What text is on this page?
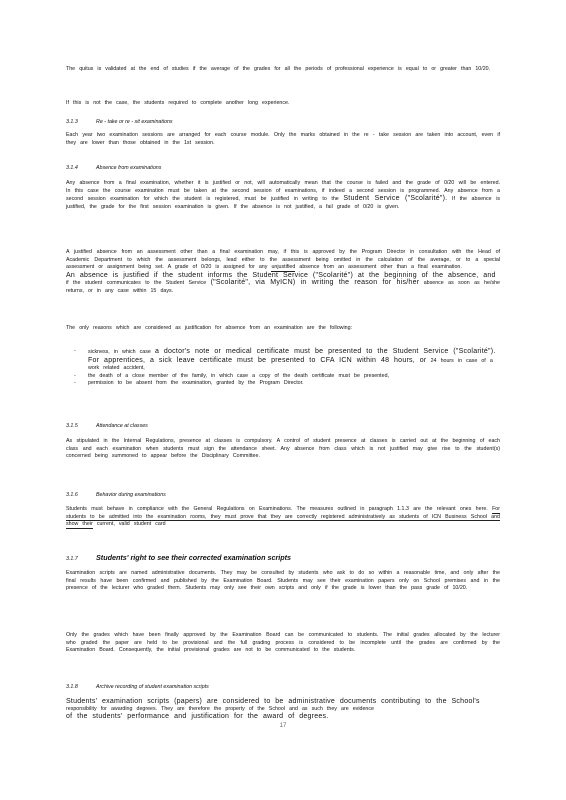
The quitus is validated at the end of studies if the average of the grades for all the periods of professional experience is equal to or greater than 10/20.

If this is not the case, the students required to complete another long experience.

3.1.3	Re - take or re - sit examinations

Each year two examination sessions are arranged for each course module. Only the marks obtained in the re - take session are taken into account, even if they are lower than those obtained in the 1st session.

3.1.4	Absence from examinations

Any absence from a final examination, whether it is justified or not, will automatically mean that the course is failed and the grade of 0/20 will be entered. In this case the course examination must be taken at the second session of examinations, if indeed a second session is programmed. Any absence from a second session examination for which the student is registered, must be justified in writing to the Student Service ("Scolarité"). If the absence is justified, the grade for the first session examination is given. If the absence is not justified, a fail grade of 0/20 is given.

A justified absence from an assessment other than a final examination may, if this is approved by the Program Director in consultation with the Head of Academic Department to which the assessment belongs, lead either to the assessment being omitted in the calculation of the average, or to a special assessment or assignment being set. A grade of 0/20 is assigned for any unjustified absence from an assessment other than a final examination.

An absence is justified if the student informs the Student Service ("Scolarité") at the beginning of the absence, and

if the student communicates to the Student Service ("Scolarité", via MyICN) in writing the reason for his/her absence as soon as he/she returns, or in any case within 15 days.

The only reasons which are considered as justification for absence from an examination are the following:

- sickness, in which case a doctor's note or medical certificate must be presented to the Student Service ("Scolarité"). For apprentices, a sick leave certificate must be presented to CFA ICN within 48 hours, or 24 hours in case of a work related accident,
- the death of a close member of the family, in which case a copy of the death certificate must be presented,
- permission to be absent from the examination, granted by the Program Director.
3.1.5	Attendance at classes

As stipulated in the Internal Regulations, presence at classes is compulsory. A control of student presence at classes is carried out at the beginning of each class and each examination when students must sign the attendance sheet. Any absence from class which is not justified may give rise to the student(s) concerned being summoned to appear before the Disciplinary Committee.

3.1.6	Behavior during examinations

Students must behave in compliance with the General Regulations on Examinations. The measures outlined in paragraph 1.1.3 are the relevant ones here. For students to be admitted into the examination rooms, they must prove that they are correctly registered administratively as students of ICN Business School and show their current, valid student card

3.1.7	Students' right to see their corrected examination scripts

Examination scripts are named administrative documents. They may be consulted by students who ask to do so within a reasonable time, and only after the final results have been confirmed and published by the Examination Board. Students may see their examination papers only on School premises and in the presence of the lecturer who graded them. Students may only see their own scripts and only if the grade is lower than the pass grade of 10/20.

Only the grades which have been finally approved by the Examination Board can be communicated to students. The initial grades allocated by the lecturer who graded the paper are held to be provisional and the full grading process is considered to be incomplete until the grades are confirmed by the Examination Board. Consequently, the initial provisional grades are not to be communicated to the students.

3.1.8	Archive recording of student examination scripts

Students' examination scripts (papers) are considered to be administrative documents contributing to the School's

responsibility for awarding degrees. They are therefore the property of the School and as such they are evidence

of the students' performance and justification for the award of degrees.

17
